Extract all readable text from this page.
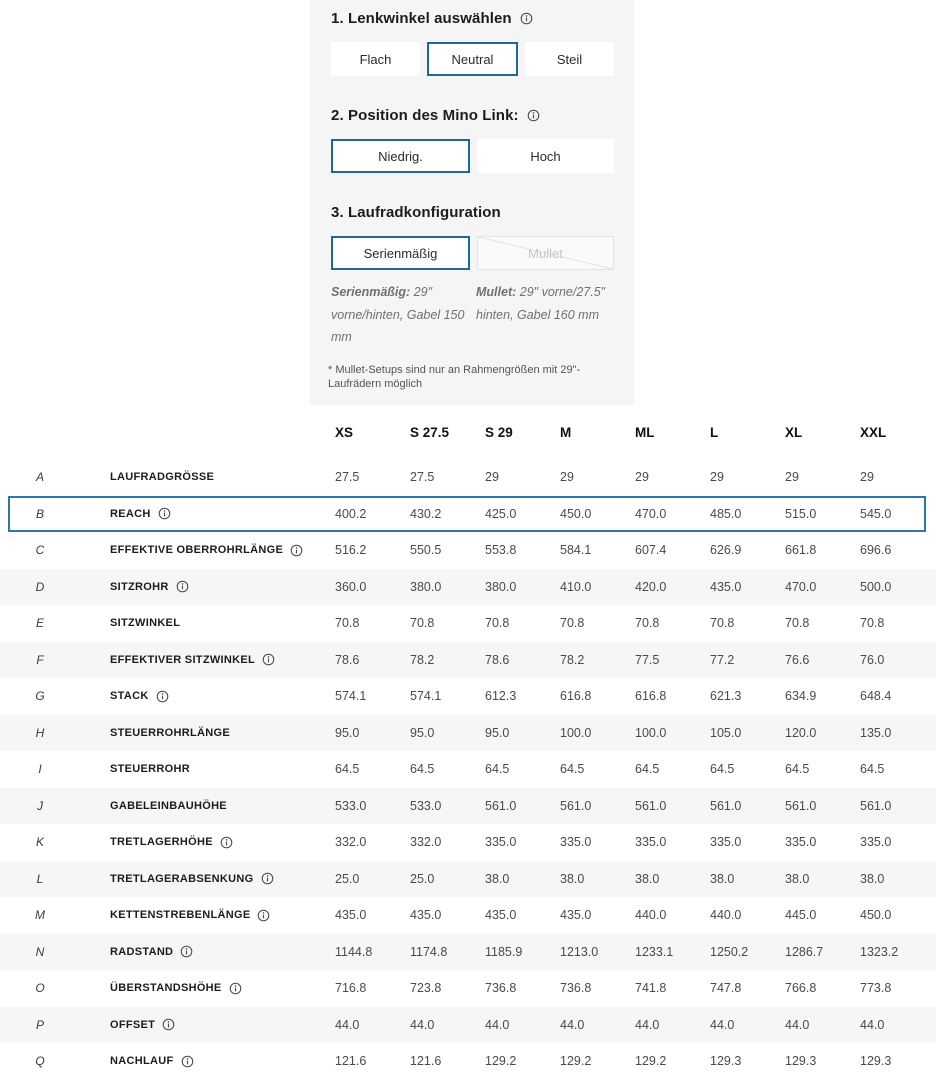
1. Lenkwinkel auswählen
Flach	Neutral	Steil
2. Position des Mino Link:
Niedrig.	Hoch
3. Laufradkonfiguration
Serienmäßig	Mullet
Serienmäßig: 29" vorne/hinten, Gabel 150 mm
Mullet: 29" vorne/27.5" hinten, Gabel 160 mm
* Mullet-Setups sind nur an Rahmengrößen mit 29"-Laufrädern möglich
XS	S 27.5	S 29	M	ML	L	XL	XXL
A	LAUFRADGRÖSSE	27.5	27.5	29	29	29	29	29	29
B	REACH	400.2	430.2	425.0	450.0	470.0	485.0	515.0	545.0
C	EFFEKTIVE OBERROHRLÄNGE	516.2	550.5	553.8	584.1	607.4	626.9	661.8	696.6
D	SITZROHR	360.0	380.0	380.0	410.0	420.0	435.0	470.0	500.0
E	SITZWINKEL	70.8	70.8	70.8	70.8	70.8	70.8	70.8	70.8
F	EFFEKTIVER SITZWINKEL	78.6	78.2	78.6	78.2	77.5	77.2	76.6	76.0
G	STACK	574.1	574.1	612.3	616.8	616.8	621.3	634.9	648.4
H	STEUERROHRLÄNGE	95.0	95.0	95.0	100.0	100.0	105.0	120.0	135.0
I	STEUERROHR	64.5	64.5	64.5	64.5	64.5	64.5	64.5	64.5
J	GABELEINBAUHÖHE	533.0	533.0	561.0	561.0	561.0	561.0	561.0	561.0
K	TRETLAGERHÖHE	332.0	332.0	335.0	335.0	335.0	335.0	335.0	335.0
L	TRETLAGERABSENKUNG	25.0	25.0	38.0	38.0	38.0	38.0	38.0	38.0
M	KETTENSTREBENLÄNGE	435.0	435.0	435.0	435.0	440.0	440.0	445.0	450.0
N	RADSTAND	1144.8	1174.8	1185.9	1213.0	1233.1	1250.2	1286.7	1323.2
O	ÜBERSTANDSHÖHE	716.8	723.8	736.8	736.8	741.8	747.8	766.8	773.8
P	OFFSET	44.0	44.0	44.0	44.0	44.0	44.0	44.0	44.0
Q	NACHLAUF	121.6	121.6	129.2	129.2	129.2	129.3	129.3	129.3
